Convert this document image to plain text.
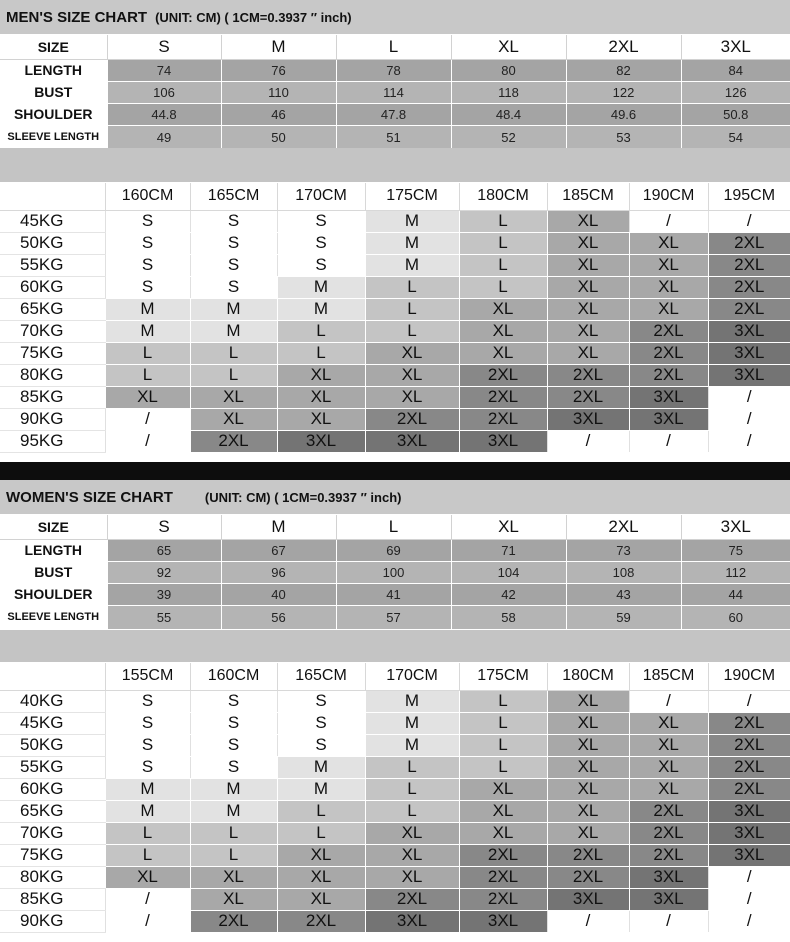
MEN'S SIZE CHART (UNIT: CM) ( 1CM=0.3937 ″ inch)
SIZE	S	M	L	XL	2XL	3XL
LENGTH	74	76	78	80	82	84
BUST	106	110	114	118	122	126
SHOULDER	44.8	46	47.8	48.4	49.6	50.8
SLEEVE LENGTH	49	50	51	52	53	54
	160CM	165CM	170CM	175CM	180CM	185CM	190CM	195CM
45KG	S	S	S	M	L	XL	/	/
50KG	S	S	S	M	L	XL	XL	2XL
55KG	S	S	S	M	L	XL	XL	2XL
60KG	S	S	M	L	L	XL	XL	2XL
65KG	M	M	M	L	XL	XL	XL	2XL
70KG	M	M	L	L	XL	XL	2XL	3XL
75KG	L	L	L	XL	XL	XL	2XL	3XL
80KG	L	L	XL	XL	2XL	2XL	2XL	3XL
85KG	XL	XL	XL	XL	2XL	2XL	3XL	/
90KG	/	XL	XL	2XL	2XL	3XL	3XL	/
95KG	/	2XL	3XL	3XL	3XL	/	/	/
WOMEN'S SIZE CHART (UNIT: CM) ( 1CM=0.3937 ″ inch)
SIZE	S	M	L	XL	2XL	3XL
LENGTH	65	67	69	71	73	75
BUST	92	96	100	104	108	112
SHOULDER	39	40	41	42	43	44
SLEEVE LENGTH	55	56	57	58	59	60
	155CM	160CM	165CM	170CM	175CM	180CM	185CM	190CM
40KG	S	S	S	M	L	XL	/	/
45KG	S	S	S	M	L	XL	XL	2XL
50KG	S	S	S	M	L	XL	XL	2XL
55KG	S	S	M	L	L	XL	XL	2XL
60KG	M	M	M	L	XL	XL	XL	2XL
65KG	M	M	L	L	XL	XL	2XL	3XL
70KG	L	L	L	XL	XL	XL	2XL	3XL
75KG	L	L	XL	XL	2XL	2XL	2XL	3XL
80KG	XL	XL	XL	XL	2XL	2XL	3XL	/
85KG	/	XL	XL	2XL	2XL	3XL	3XL	/
90KG	/	2XL	2XL	3XL	3XL	/	/	/
